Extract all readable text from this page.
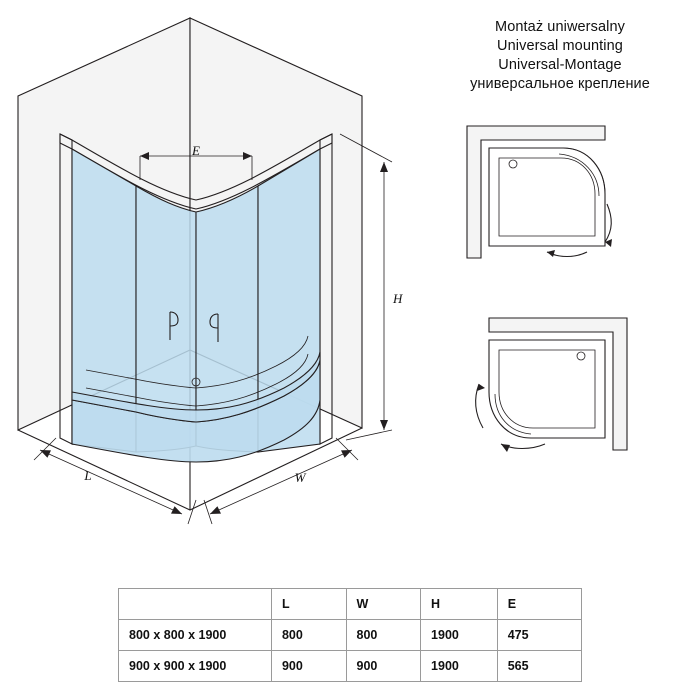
Montaż uniwersalny
Universal mounting
Universal-Montage
универсальное крепление
E
H
L	W
	L	W	H	E
800 x 800 x 1900	800	800	1900	475
900 x 900 x 1900	900	900	1900	565
